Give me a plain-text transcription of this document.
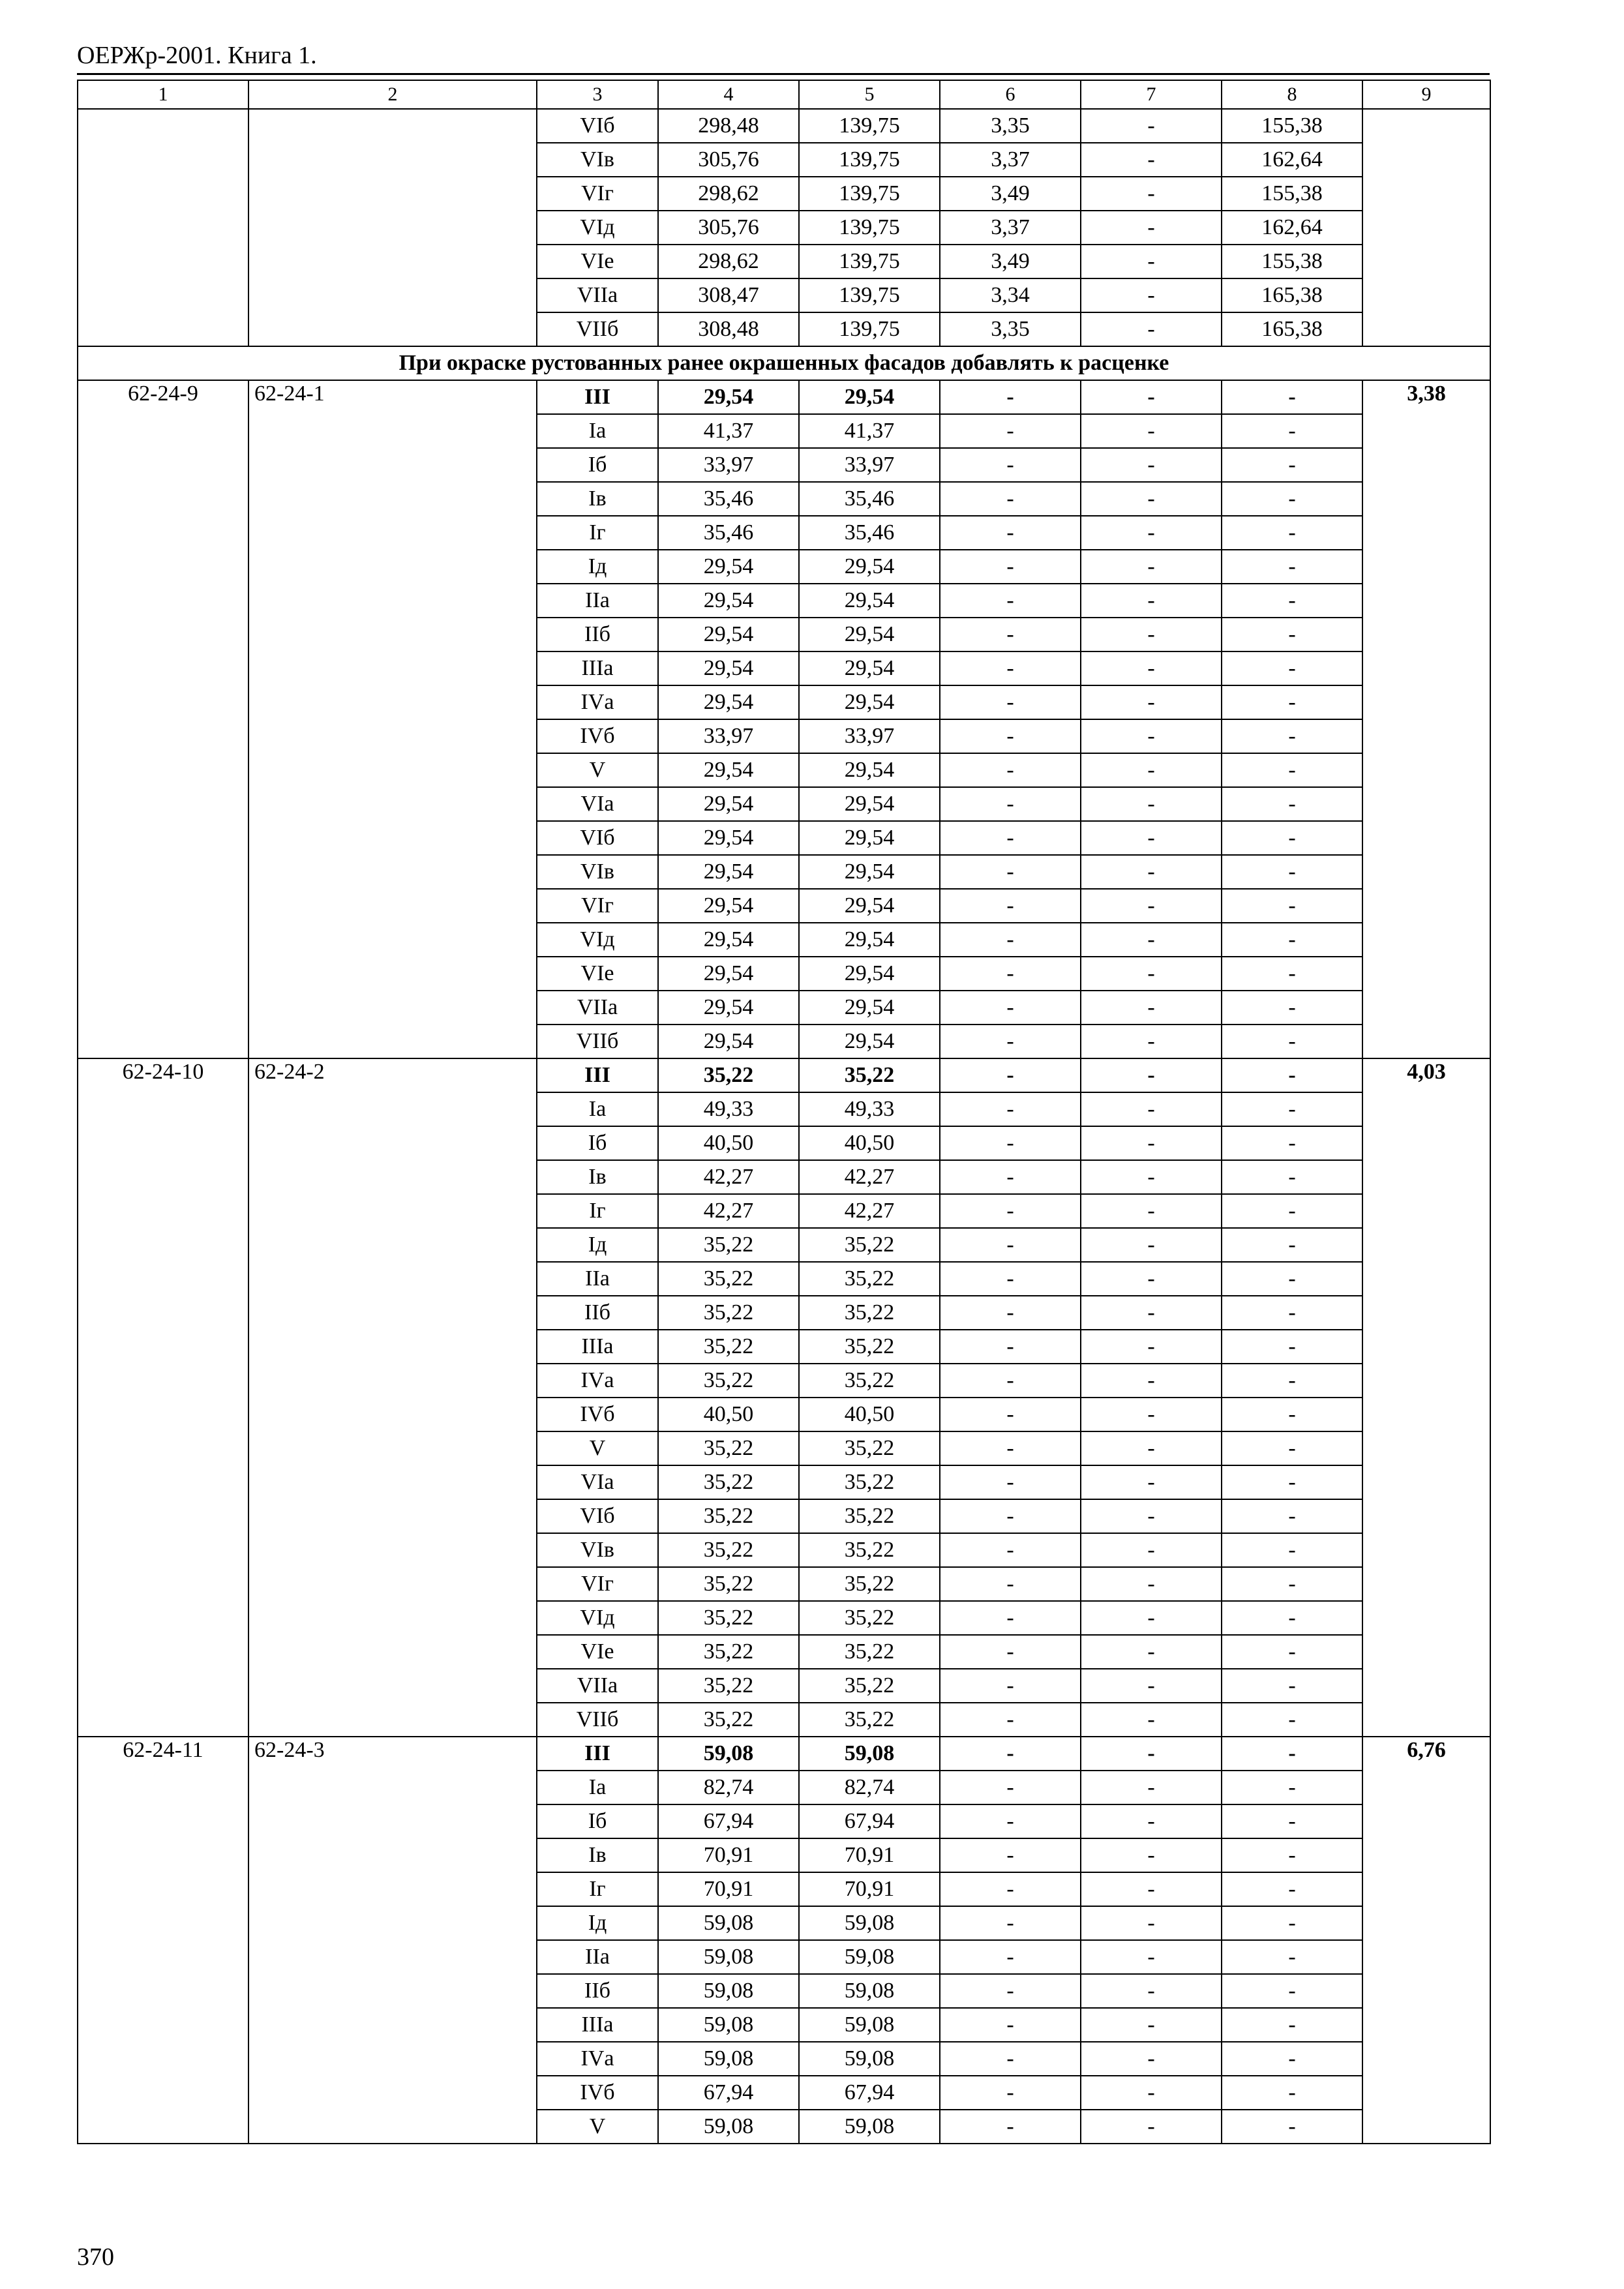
ОЕРЖр-2001. Книга 1.
1	2	3	4	5	6	7	8	9
		VIб	298,48	139,75	3,35	-	155,38	
		VIв	305,76	139,75	3,37	-	162,64	
		VIг	298,62	139,75	3,49	-	155,38	
		VIд	305,76	139,75	3,37	-	162,64	
		VIе	298,62	139,75	3,49	-	155,38	
		VIIа	308,47	139,75	3,34	-	165,38	
		VIIб	308,48	139,75	3,35	-	165,38	
При окраске рустованных ранее окрашенных фасадов добавлять к расценке								
62-24-9	62-24-1	III	29,54	29,54	-	-	-	3,38
		Iа	41,37	41,37	-	-	-	
		Iб	33,97	33,97	-	-	-	
		Iв	35,46	35,46	-	-	-	
		Iг	35,46	35,46	-	-	-	
		Iд	29,54	29,54	-	-	-	
		IIа	29,54	29,54	-	-	-	
		IIб	29,54	29,54	-	-	-	
		IIIа	29,54	29,54	-	-	-	
		IVа	29,54	29,54	-	-	-	
		IVб	33,97	33,97	-	-	-	
		V	29,54	29,54	-	-	-	
		VIа	29,54	29,54	-	-	-	
		VIб	29,54	29,54	-	-	-	
		VIв	29,54	29,54	-	-	-	
		VIг	29,54	29,54	-	-	-	
		VIд	29,54	29,54	-	-	-	
		VIе	29,54	29,54	-	-	-	
		VIIа	29,54	29,54	-	-	-	
		VIIб	29,54	29,54	-	-	-	
62-24-10	62-24-2	III	35,22	35,22	-	-	-	4,03
		Iа	49,33	49,33	-	-	-	
		Iб	40,50	40,50	-	-	-	
		Iв	42,27	42,27	-	-	-	
		Iг	42,27	42,27	-	-	-	
		Iд	35,22	35,22	-	-	-	
		IIа	35,22	35,22	-	-	-	
		IIб	35,22	35,22	-	-	-	
		IIIа	35,22	35,22	-	-	-	
		IVа	35,22	35,22	-	-	-	
		IVб	40,50	40,50	-	-	-	
		V	35,22	35,22	-	-	-	
		VIа	35,22	35,22	-	-	-	
		VIб	35,22	35,22	-	-	-	
		VIв	35,22	35,22	-	-	-	
		VIг	35,22	35,22	-	-	-	
		VIд	35,22	35,22	-	-	-	
		VIе	35,22	35,22	-	-	-	
		VIIа	35,22	35,22	-	-	-	
		VIIб	35,22	35,22	-	-	-	
62-24-11	62-24-3	III	59,08	59,08	-	-	-	6,76
		Iа	82,74	82,74	-	-	-	
		Iб	67,94	67,94	-	-	-	
		Iв	70,91	70,91	-	-	-	
		Iг	70,91	70,91	-	-	-	
		Iд	59,08	59,08	-	-	-	
		IIа	59,08	59,08	-	-	-	
		IIб	59,08	59,08	-	-	-	
		IIIа	59,08	59,08	-	-	-	
		IVа	59,08	59,08	-	-	-	
		IVб	67,94	67,94	-	-	-	
		V	59,08	59,08	-	-	-	
370
